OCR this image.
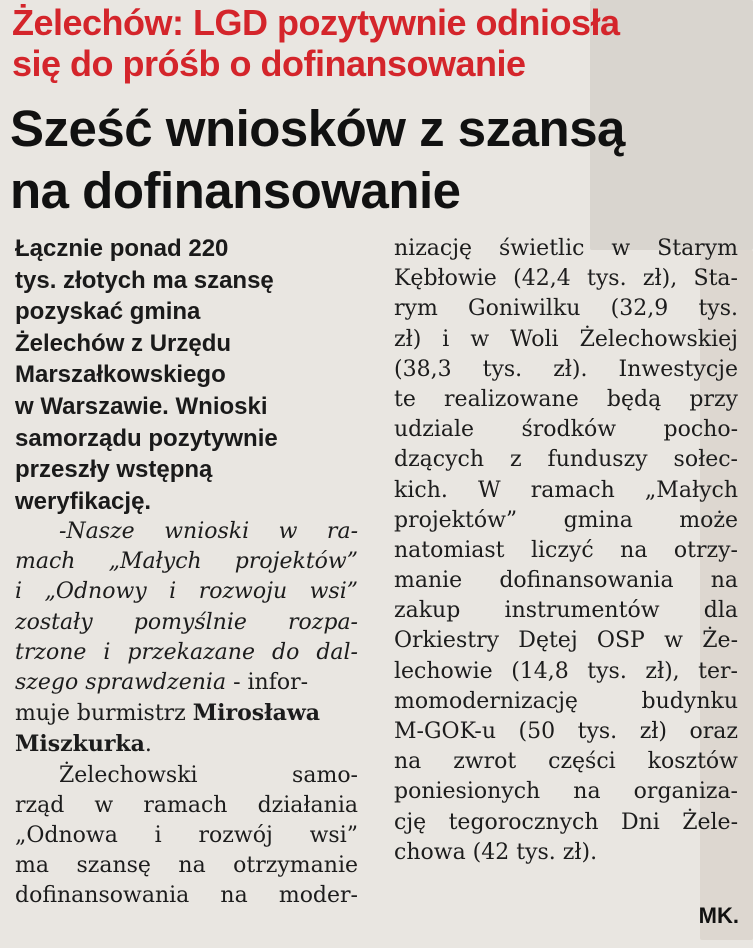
Żelechów: LGD pozytywnie odniosła
się do próśb o dofinansowanie
Sześć wniosków z szansą
na dofinansowanie
Łącznie ponad 220
tys. złotych ma szansę
pozyskać gmina
Żelechów z Urzędu
Marszałkowskiego
w Warszawie. Wnioski
samorządu pozytywnie
przeszły wstępną
weryfikację.
-Nasze wnioski w ra-
mach „Małych projektów”
i „Odnowy i rozwoju wsi”
zostały pomyślnie rozpa-
trzone i przekazane do dal-
szego sprawdzenia - infor-
muje burmistrz Mirosława
Miszkurka.
Żelechowski samo-
rząd w ramach działania
„Odnowa i rozwój wsi”
ma szansę na otrzymanie
dofinansowania na moder-
nizację świetlic w Starym
Kębłowie (42,4 tys. zł), Sta-
rym Goniwilku (32,9 tys.
zł) i w Woli Żelechowskiej
(38,3 tys. zł). Inwestycje
te realizowane będą przy
udziale środków pocho-
dzących z funduszy sołec-
kich. W ramach „Małych
projektów” gmina może
natomiast liczyć na otrzy-
manie dofinansowania na
zakup instrumentów dla
Orkiestry Dętej OSP w Że-
lechowie (14,8 tys. zł), ter-
momodernizację budynku
M-GOK-u (50 tys. zł) oraz
na zwrot części kosztów
poniesionych na organiza-
cję tegorocznych Dni Żele-
chowa (42 tys. zł).
MK.
